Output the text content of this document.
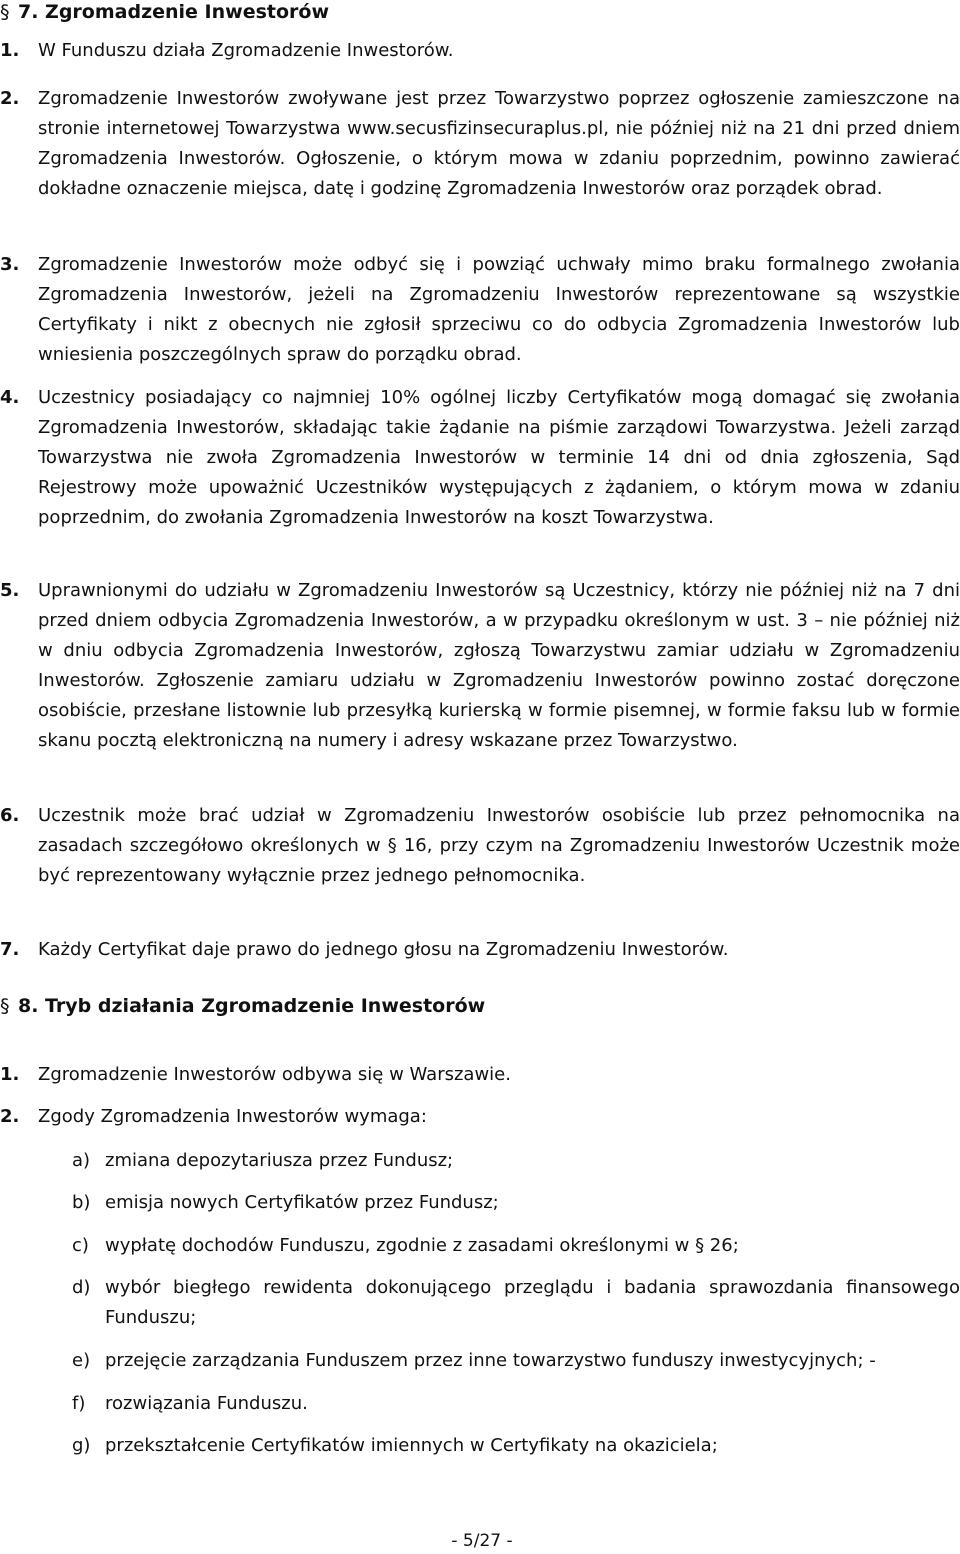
§ 7. Zgromadzenie Inwestorów
1. W Funduszu działa Zgromadzenie Inwestorów.
2. Zgromadzenie Inwestorów zwoływane jest przez Towarzystwo poprzez ogłoszenie zamieszczone na stronie internetowej Towarzystwa www.secusfizinsecuraplus.pl, nie później niż na 21 dni przed dniem Zgromadzenia Inwestorów. Ogłoszenie, o którym mowa w zdaniu poprzednim, powinno zawierać dokładne oznaczenie miejsca, datę i godzinę Zgromadzenia Inwestorów oraz porządek obrad.
3. Zgromadzenie Inwestorów może odbyć się i powziąć uchwały mimo braku formalnego zwołania Zgromadzenia Inwestorów, jeżeli na Zgromadzeniu Inwestorów reprezentowane są wszystkie Certyfikaty i nikt z obecnych nie zgłosił sprzeciwu co do odbycia Zgromadzenia Inwestorów lub wniesienia poszczególnych spraw do porządku obrad.
4. Uczestnicy posiadający co najmniej 10% ogólnej liczby Certyfikatów mogą domagać się zwołania Zgromadzenia Inwestorów, składając takie żądanie na piśmie zarządowi Towarzystwa. Jeżeli zarząd Towarzystwa nie zwoła Zgromadzenia Inwestorów w terminie 14 dni od dnia zgłoszenia, Sąd Rejestrowy może upoważnić Uczestników występujących z żądaniem, o którym mowa w zdaniu poprzednim, do zwołania Zgromadzenia Inwestorów na koszt Towarzystwa.
5. Uprawnionymi do udziału w Zgromadzeniu Inwestorów są Uczestnicy, którzy nie później niż na 7 dni przed dniem odbycia Zgromadzenia Inwestorów, a w przypadku określonym w ust. 3 – nie później niż w dniu odbycia Zgromadzenia Inwestorów, zgłoszą Towarzystwu zamiar udziału w Zgromadzeniu Inwestorów. Zgłoszenie zamiaru udziału w Zgromadzeniu Inwestorów powinno zostać doręczone osobiście, przesłane listownie lub przesyłką kurierską w formie pisemnej, w formie faksu lub w formie skanu pocztą elektroniczną na numery i adresy wskazane przez Towarzystwo.
6. Uczestnik może brać udział w Zgromadzeniu Inwestorów osobiście lub przez pełnomocnika na zasadach szczegółowo określonych w § 16, przy czym na Zgromadzeniu Inwestorów Uczestnik może być reprezentowany wyłącznie przez jednego pełnomocnika.
7. Każdy Certyfikat daje prawo do jednego głosu na Zgromadzeniu Inwestorów.
§ 8. Tryb działania Zgromadzenie Inwestorów
1. Zgromadzenie Inwestorów odbywa się w Warszawie.
2. Zgody Zgromadzenia Inwestorów wymaga:
a) zmiana depozytariusza przez Fundusz;
b) emisja nowych Certyfikatów przez Fundusz;
c) wypłatę dochodów Funduszu, zgodnie z zasadami określonymi w § 26;
d) wybór biegłego rewidenta dokonującego przeglądu i badania sprawozdania finansowego Funduszu;
e) przejęcie zarządzania Funduszem przez inne towarzystwo funduszy inwestycyjnych; -
f) rozwiązania Funduszu.
g) przekształcenie Certyfikatów imiennych w Certyfikaty na okaziciela;
- 5/27 -
